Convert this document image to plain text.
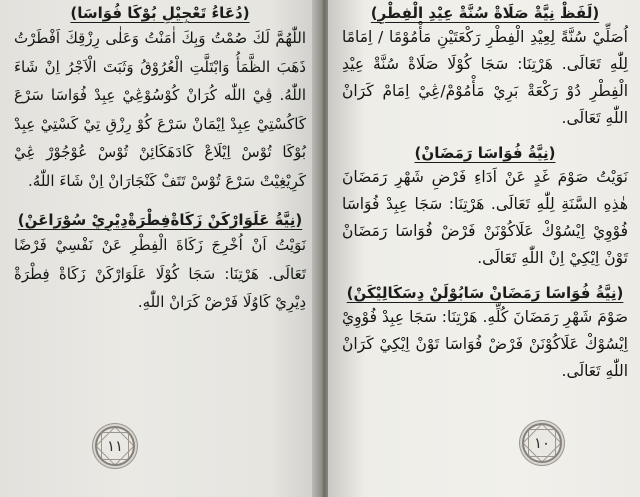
(دُعَاءُ تَعْجِيْلِ بُوْكَا فُوَاسَا)
اللّٰهُمَّ لَكَ صُمْتُ وَبِكَ اٰمَنْتُ وَعَلٰى رِزْقِكَ اَفْطَرْتُ ذَهَبَ الظَّمَأُ وَابْتَلَّتِ الْعُرُوْقُ وَثَبَتَ الْاَجْرُ اِنْ شَاءَ اللّٰهُ. ڤِيْ اللّٰه كُرَانْ كُوْسُوْڠِيْ عِبِدْ فُوَاسَا سَرْعَ كَاكُسْتِيْ عِبِدْ اِيْمَانْ سَرْعَ كُوْ رِزْقِ تِيْ كَسْتِيْ عِبِدْ بُوْكَا تُوْسْ اِيْلَاعْ كَادَهَكَائِنْ تُوْسْ عُوْجُوْرْ ڠِيْ كَرِيْغِيْتْ سَرْعَ تُوْسْ تَتَفْ كَنْجَارَانْ اِنْ شَاءَ اللّٰهُ.
(نِيَّةُ عَلَوَارْكَنْ زَكَاةْفِطْرَةْدِيْرِيْ سُوْرَاعَنْ)
نَوَيْتُ اَنْ اُخْرِجَ زَكَاةَ الْفِطْرِ عَنْ نَفْسِيْ فَرْضًا تَعَالَى. هَرْتِنَا: سَجَا كُوْلَا عَلَوَارْكَنْ زَكَاةْ فِطْرَةْ دِيْرِيْ كَاوُلَا فَرْضْ كَرَانْ اللّٰهِ.
١١
(لَفَظْ نِيَّةْ صَلَاةْ سُنَّةْ عِيْدِ الْفِطْرِ)
اُصَلِّيْ سُنَّةً لِعِيْدِ الْفِطْرِ رَكْعَتَيْنِ مَأْمُوْمًا / اِمَامًا لِلّٰهِ تَعَالَى. هَرْتِنَا: سَجَا كُوْلَا صَلَاةْ سُنَّةْ عِيْدِ الْفِطْرِ دُوْ رَكْعَةْ بَرِيْ مَأْمُوْمْ/ڠِيْ اِمَامْ كَرَانْ اللّٰهِ تَعَالَى.
(نِيَّةُ فُوَاسَا رَمَضَانْ)
نَوَيْتُ صَوْمَ غَدٍ عَنْ اَدَاءِ فَرْضِ شَهْرِ رَمَضَانَ هٰذِهِ السَّنَةِ لِلّٰهِ تَعَالَى. هَرْتِنَا: سَجَا عِبِدْ فُوَاسَا فُوْوِيْ اِيْسُوْكْ عَلَاكُوْنَنْ فَرْضْ فُوَاسَا رَمَضَانْ تَوْنْ اِيْكِيْ اِنْ اللّٰهِ تَعَالَى.
(نِيَّةُ فُوَاسَا رَمَضَانْ سَابُوْلَنْ دِسَكَالِيْكَنْ)
صَوْمَ شَهْرِ رَمَضَانَ كُلِّهِ. هَرْتِنَا: سَجَا عِبِدْ فُوْوِيْ اِيْسُوْكْ عَلَاكُوْنَنْ فَرْضْ فُوَاسَا تَوْنْ اِيْكِيْ كَرَانْ اللّٰهِ تَعَالَى.
١٠
